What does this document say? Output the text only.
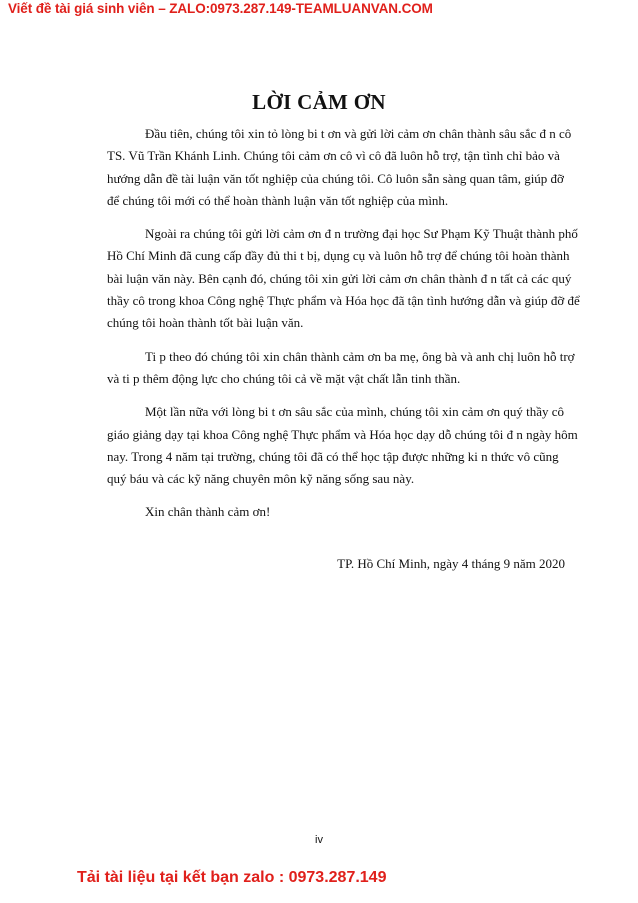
Viết đề tài giá sinh viên – ZALO:0973.287.149-TEAMLUANVAN.COM
LỜI CẢM ƠN

Đầu tiên, chúng tôi xin tỏ lòng bi t ơn và gửi lời cảm ơn chân thành sâu sắc đ n cô
TS. Vũ Trần Khánh Linh. Chúng tôi cảm ơn cô vì cô đã luôn hỗ trợ, tận tình chỉ bảo và
hướng dẫn đề tài luận văn tốt nghiệp của chúng tôi. Cô luôn sẵn sàng quan tâm, giúp đỡ
để chúng tôi mới có thể hoàn thành luận văn tốt nghiệp của mình.

Ngoài ra chúng tôi gửi lời cảm ơn đ n trường đại học Sư Phạm Kỹ Thuật thành phố
Hồ Chí Minh đã cung cấp đầy đủ thi t bị, dụng cụ và luôn hỗ trợ để chúng tôi hoàn thành
bài luận văn này. Bên cạnh đó, chúng tôi xin gửi lời cảm ơn chân thành đ n tất cả các quý
thầy cô trong khoa Công nghệ Thực phẩm và Hóa học đã tận tình hướng dẫn và giúp đỡ để
chúng tôi hoàn thành tốt bài luận văn.

Ti p theo đó chúng tôi xin chân thành cảm ơn ba mẹ, ông bà và anh chị luôn hỗ trợ
và ti p thêm động lực cho chúng tôi cả về mặt vật chất lẫn tinh thần.

Một lần nữa với lòng bi t ơn sâu sắc của mình, chúng tôi xin cảm ơn quý thầy cô
giáo giảng dạy tại khoa Công nghệ Thực phẩm và Hóa học dạy dỗ chúng tôi đ n ngày hôm
nay. Trong 4 năm tại trường, chúng tôi đã có thể học tập được những ki n thức vô cũng
quý báu và các kỹ năng chuyên môn kỹ năng sống sau này.

Xin chân thành cảm ơn!

TP. Hồ Chí Minh, ngày 4 tháng 9 năm 2020
iv
Tải tài liệu tại kết bạn zalo : 0973.287.149
